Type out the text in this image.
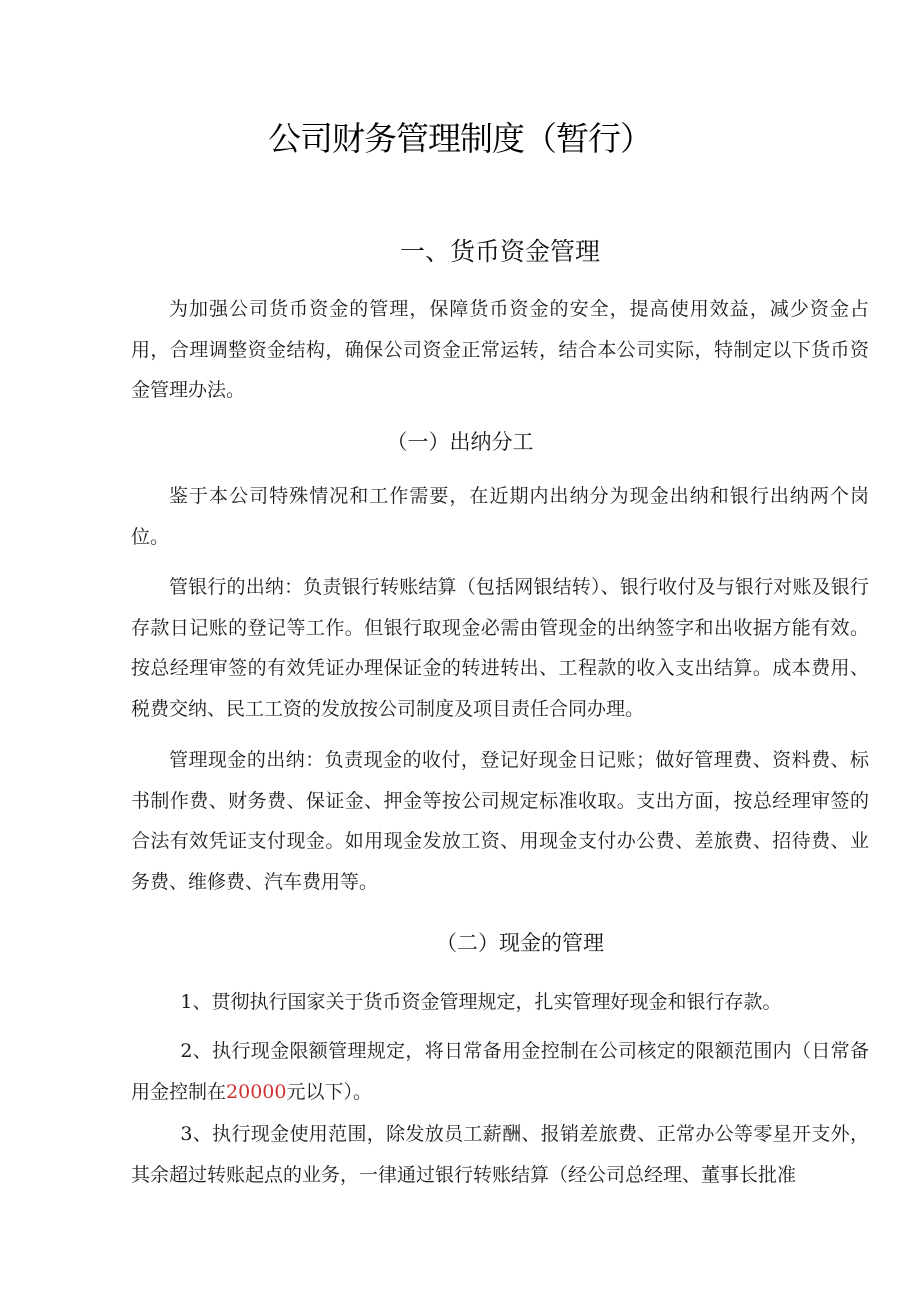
公司财务管理制度（暂行）
一、货币资金管理
为加强公司货币资金的管理，保障货币资金的安全，提高使用效益，减少资金占用，合理调整资金结构，确保公司资金正常运转，结合本公司实际，特制定以下货币资金管理办法。
（一）出纳分工
鉴于本公司特殊情况和工作需要，在近期内出纳分为现金出纳和银行出纳两个岗位。
管银行的出纳：负责银行转账结算（包括网银结转）、银行收付及与银行对账及银行存款日记账的登记等工作。但银行取现金必需由管现金的出纳签字和出收据方能有效。按总经理审签的有效凭证办理保证金的转进转出、工程款的收入支出结算。成本费用、税费交纳、民工工资的发放按公司制度及项目责任合同办理。
管理现金的出纳：负责现金的收付，登记好现金日记账；做好管理费、资料费、标书制作费、财务费、保证金、押金等按公司规定标准收取。支出方面，按总经理审签的合法有效凭证支付现金。如用现金发放工资、用现金支付办公费、差旅费、招待费、业务费、维修费、汽车费用等。
（二）现金的管理
1、贯彻执行国家关于货币资金管理规定，扎实管理好现金和银行存款。
2、执行现金限额管理规定，将日常备用金控制在公司核定的限额范围内（日常备用金控制在20000元以下）。
3、执行现金使用范围，除发放员工薪酬、报销差旅费、正常办公等零星开支外，其余超过转账起点的业务，一律通过银行转账结算（经公司总经理、董事长批准
